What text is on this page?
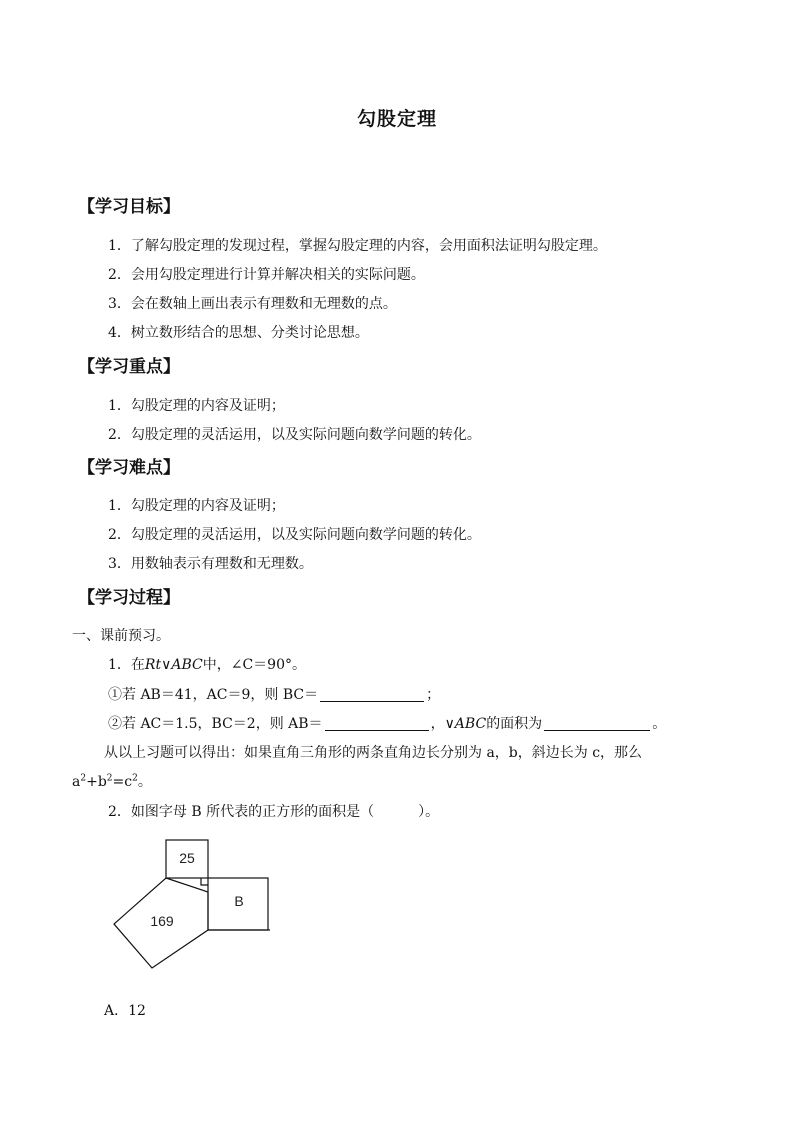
勾股定理
【学习目标】
1．了解勾股定理的发现过程，掌握勾股定理的内容，会用面积法证明勾股定理。
2．会用勾股定理进行计算并解决相关的实际问题。
3．会在数轴上画出表示有理数和无理数的点。
4．树立数形结合的思想、分类讨论思想。
【学习重点】
1．勾股定理的内容及证明；
2．勾股定理的灵活运用，以及实际问题向数学问题的转化。
【学习难点】
1．勾股定理的内容及证明；
2．勾股定理的灵活运用，以及实际问题向数学问题的转化。
3．用数轴表示有理数和无理数。
【学习过程】
一、课前预习。
1．在Rt∨ABC中，∠C＝90°。
①若 AB＝41，AC＝9，则 BC＝	；
②若 AC＝1.5，BC＝2，则 AB＝	，∨ABC的面积为	。
从以上习题可以得出：如果直角三角形的两条直角边长分别为 a，b，斜边长为 c，那么
$a^2+b^2=c^2$。
2．如图字母 B 所代表的正方形的面积是（	）。
25
B
169
A．12
